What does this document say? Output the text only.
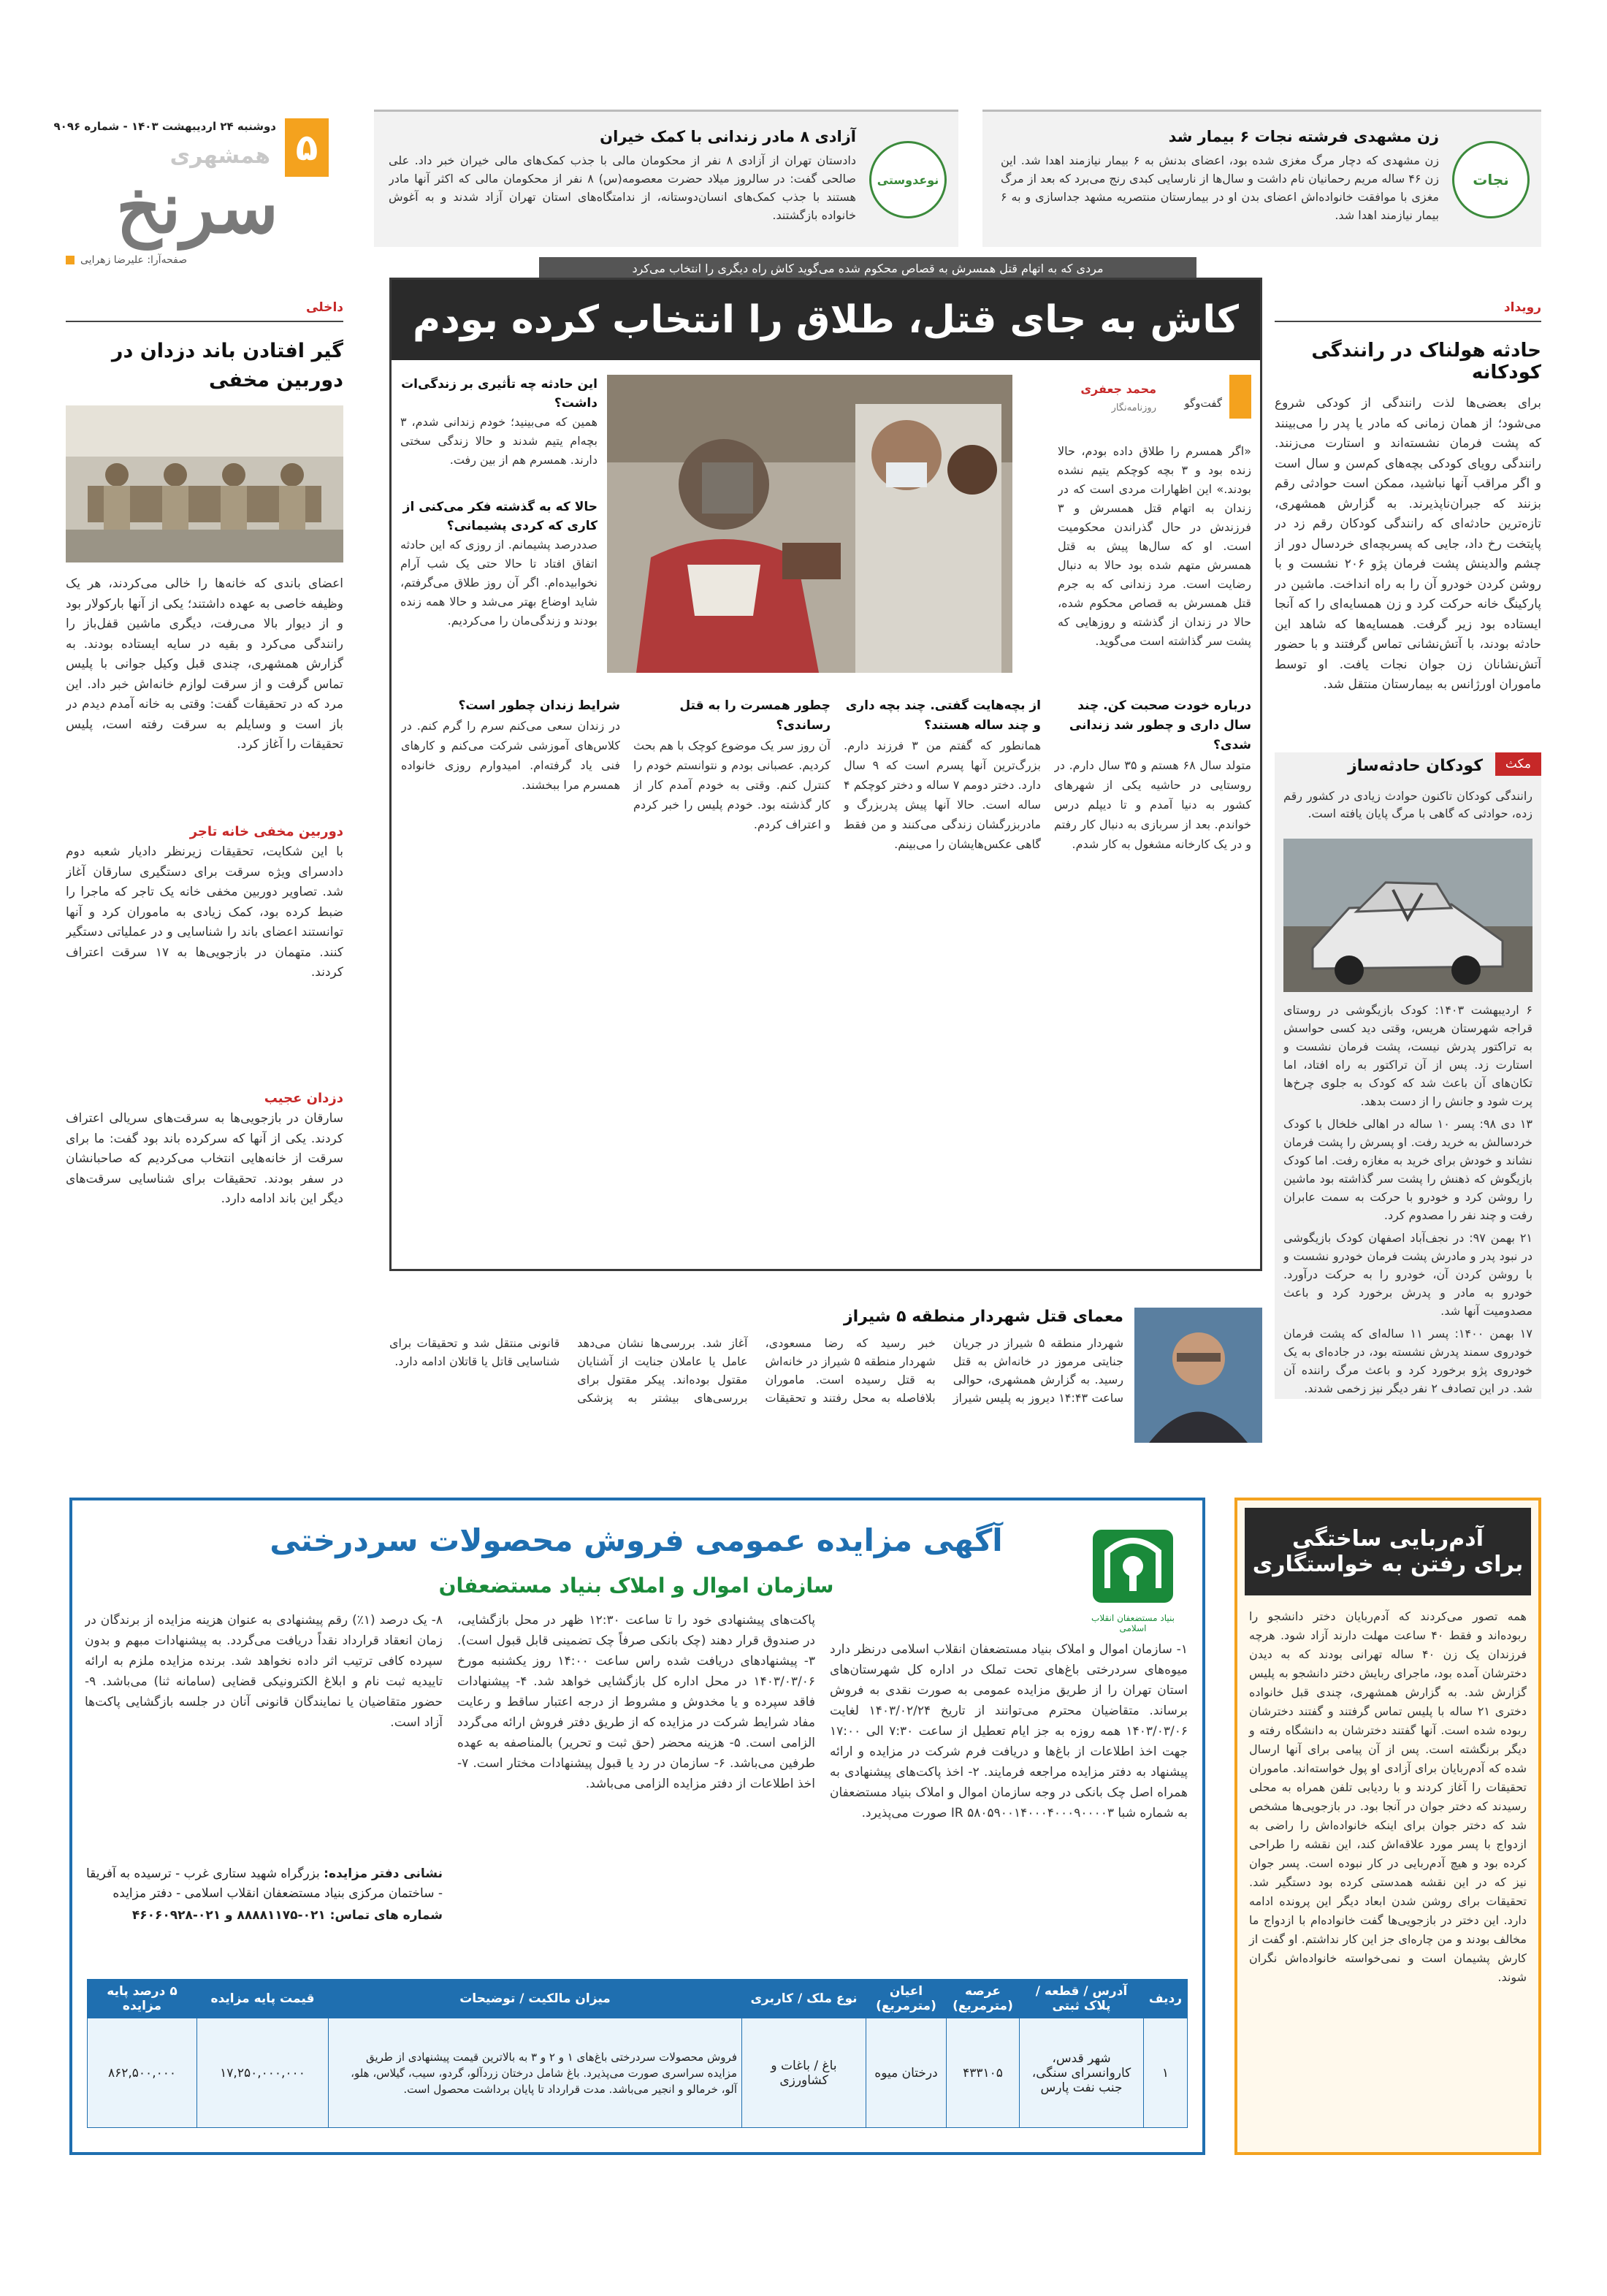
۵
دوشنبه ۲۴ اردیبهشت ۱۴۰۳ - شماره ۹۰۹۶
همشهری
سرنخ
صفحه‌آرا: علیرضا زهرایی
نجات
زن مشهدی فرشته نجات ۶ بیمار شد
زن مشهدی که دچار مرگ مغزی شده بود، اعضای بدنش به ۶ بیمار نیازمند اهدا شد. این زن ۴۶ ساله مریم رحمانیان نام داشت و سال‌ها از نارسایی کبدی رنج می‌برد که بعد از مرگ مغزی با موافقت خانواده‌اش اعضای بدن او در بیمارستان منتصریه مشهد جداسازی و به ۶ بیمار نیازمند اهدا شد.
نوعدوستی
آزادی ۸ مادر زندانی با کمک خیران
دادستان تهران از آزادی ۸ نفر از محکومان مالی با جذب کمک‌های مالی خیران خبر داد. علی صالحی گفت: در سالروز میلاد حضرت معصومه(س) ۸ نفر از محکومان مالی که اکثر آنها مادر هستند با جذب کمک‌های انسان‌دوستانه، از ندامتگاه‌های استان تهران آزاد شدند و به آغوش خانواده بازگشتند.
رویداد
حادثه هولناک در رانندگی کودکانه
برای بعضی‌ها لذت رانندگی از کودکی شروع می‌شود؛ از همان زمانی که مادر یا پدر را می‌بینند که پشت فرمان نشسته‌اند و استارت می‌زنند. رانندگی رویای کودکی بچه‌های کم‌سن و سال است و اگر مراقب آنها نباشید، ممکن است حوادثی رقم بزنند که جبران‌ناپذیرند. به گزارش همشهری، تازه‌ترین حادثه‌ای که رانندگی کودکان رقم زد در پایتخت رخ داد، جایی که پسربچه‌ای خردسال دور از چشم والدینش پشت فرمان پژو ۲۰۶ نشست و با روشن کردن خودرو آن را به راه انداخت. ماشین در پارکینگ خانه حرکت کرد و زن همسایه‌ای را که آنجا ایستاده بود زیر گرفت. همسایه‌ها که شاهد این حادثه بودند، با آتش‌نشانی تماس گرفتند و با حضور آتش‌نشانان زن جوان نجات یافت. او توسط ماموران اورژانس به بیمارستان منتقل شد.
مکث
کودکان حادثه‌ساز
رانندگی کودکان تاکنون حوادث زیادی در کشور رقم زده، حوادثی که گاهی با مرگ پایان یافته است.

۶ اردیبهشت ۱۴۰۳: کودک بازیگوشی در روستای قراجه شهرستان هریس، وقتی دید کسی حواسش به تراکتور پدرش نیست، پشت فرمان نشست و استارت زد. پس از آن تراکتور به راه افتاد، اما تکان‌های آن باعث شد که کودک به جلوی چرخ‌ها پرت شود و جانش را از دست بدهد.

۱۳ دی ۹۸: پسر ۱۰ ساله در اهالی خلخال با کودک خردسالش به خرید رفت. او پسرش را پشت فرمان نشاند و خودش برای خرید به مغازه رفت. اما کودک بازیگوش که ذهنش را پشت سر گذاشته بود ماشین را روشن کرد و خودرو با حرکت به سمت عابران رفت و چند نفر را مصدوم کرد.

۲۱ بهمن ۹۷: در نجف‌آباد اصفهان کودک بازیگوشی در نبود پدر و مادرش پشت فرمان خودرو نشست و با روشن کردن آن، خودرو را به حرکت درآورد. خودرو به مادر و پدرش برخورد کرد و باعث مصدومیت آنها شد.

۱۷ بهمن ۱۴۰۰: پسر ۱۱ ساله‌ای که پشت فرمان خودروی سمند پدرش نشسته بود، در جاده‌ای به یک خودروی پژو برخورد کرد و باعث مرگ راننده آن شد. در این تصادف ۲ نفر دیگر نیز زخمی شدند.

داخلی
گیر افتادن باند دزدان در دوربین مخفی
اعضای باندی که خانه‌ها را خالی می‌کردند، هر یک وظیفه خاصی به عهده داشتند؛ یکی از آنها بارکولار بود و از دیوار بالا می‌رفت، دیگری ماشین قفل‌باز را رانندگی می‌کرد و بقیه در سایه ایستاده بودند. به گزارش همشهری، چندی قبل وکیل جوانی با پلیس تماس گرفت و از سرقت لوازم خانه‌اش خبر داد. این مرد که در تحقیقات گفت: وقتی به خانه آمدم دیدم در باز است و وسایلم به سرقت رفته است، پلیس تحقیقات را آغاز کرد.
دوربین مخفی خانه تاجر
با این شکایت، تحقیقات زیرنظر دادیار شعبه دوم دادسرای ویژه سرقت برای دستگیری سارقان آغاز شد. تصاویر دوربین مخفی خانه یک تاجر که ماجرا را ضبط کرده بود، کمک زیادی به ماموران کرد و آنها توانستند اعضای باند را شناسایی و در عملیاتی دستگیر کنند. متهمان در بازجویی‌ها به ۱۷ سرقت اعتراف کردند.
دزدان عجیب
سارقان در بازجویی‌ها به سرقت‌های سریالی اعتراف کردند. یکی از آنها که سرکرده باند بود گفت: ما برای سرقت از خانه‌هایی انتخاب می‌کردیم که صاحبانشان در سفر بودند. تحقیقات برای شناسایی سرقت‌های دیگر این باند ادامه دارد.
مردی که به اتهام قتل همسرش به قصاص محکوم شده می‌گوید کاش راه دیگری را انتخاب می‌کرد
کاش به جای قتل، طلاق را انتخاب کرده بودم
گفت‌وگو
محمد جعفری
روزنامه‌نگار
«اگر همسرم را طلاق داده بودم، حالا زنده بود و ۳ بچه کوچکم یتیم نشده بودند.» این اظهارات مردی است که در زندان به اتهام قتل همسرش و ۳ فرزندش در حال گذراندن محکومیت است. او که سال‌ها پیش به قتل همسرش متهم شده بود حالا به دنبال رضایت است. مرد زندانی که به جرم قتل همسرش به قصاص محکوم شده، حالا در زندان از گذشته و روزهایی که پشت سر گذاشته است می‌گوید.
این حادثه چه تأثیری بر زندگی‌ات داشت؟
همین که می‌بینید؛ خودم زندانی شدم، ۳ بچه‌ام یتیم شدند و حالا زندگی سختی دارند. همسرم هم از بین رفت.
حالا که به گذشته فکر می‌کنی از کاری که کردی پشیمانی؟
صددرصد پشیمانم. از روزی که این حادثه اتفاق افتاد تا حالا حتی یک شب آرام نخوابیده‌ام. اگر آن روز طلاق می‌گرفتم، شاید اوضاع بهتر می‌شد و حالا همه زنده بودند و زندگی‌مان را می‌کردیم.
درباره خودت صحبت کن. چند سال داری و چطور شد زندانی شدی؟
متولد سال ۶۸ هستم و ۳۵ سال دارم. در روستایی در حاشیه یکی از شهرهای کشور به دنیا آمدم و تا دیپلم درس خواندم. بعد از سربازی به دنبال کار رفتم و در یک کارخانه مشغول به کار شدم.
از بچه‌هایت گفتی. چند بچه داری و چند ساله هستند؟
همانطور که گفتم من ۳ فرزند دارم. بزرگ‌ترین آنها پسرم است که ۹ سال دارد. دختر دومم ۷ ساله و دختر کوچکم ۴ ساله است. حالا آنها پیش پدربزرگ و مادربزرگشان زندگی می‌کنند و من فقط گاهی عکس‌هایشان را می‌بینم.
چطور همسرت را به قتل رساندی؟
آن روز سر یک موضوع کوچک با هم بحث کردیم. عصبانی بودم و نتوانستم خودم را کنترل کنم. وقتی به خودم آمدم کار از کار گذشته بود. خودم پلیس را خبر کردم و اعتراف کردم.
شرایط زندان چطور است؟
در زندان سعی می‌کنم سرم را گرم کنم. در کلاس‌های آموزشی شرکت می‌کنم و کارهای فنی یاد گرفته‌ام. امیدوارم روزی خانواده همسرم مرا ببخشند.
معمای قتل شهردار منطقه ۵ شیراز
شهردار منطقه ۵ شیراز در جریان جنایتی مرموز در خانه‌اش به قتل رسید. به گزارش همشهری، حوالی ساعت ۱۴:۴۳ دیروز به پلیس شیراز خبر رسید که رضا مسعودی، شهردار منطقه ۵ شیراز در خانه‌اش به قتل رسیده است. ماموران بلافاصله به محل رفتند و تحقیقات آغاز شد. بررسی‌ها نشان می‌دهد عامل یا عاملان جنایت از آشنایان مقتول بوده‌اند. پیکر مقتول برای بررسی‌های بیشتر به پزشکی قانونی منتقل شد و تحقیقات برای شناسایی قاتل یا قاتلان ادامه دارد.
آدم‌ربایی ساختگی
برای رفتن به خواستگاری
همه تصور می‌کردند که آدم‌ربایان دختر دانشجو را ربوده‌اند و فقط ۴۰ ساعت مهلت دارند آزاد شود. هرچه فرزندان یک زن ۴۰ ساله تهرانی بودند که به دیدن دخترشان آمده بود، ماجرای ربایش دختر دانشجو به پلیس گزارش شد. به گزارش همشهری، چندی قبل خانواده دختری ۲۱ ساله با پلیس تماس گرفتند و گفتند دخترشان ربوده شده است. آنها گفتند دخترشان به دانشگاه رفته و دیگر برنگشته است. پس از آن پیامی برای آنها ارسال شده که آدم‌ربایان برای آزادی او پول خواسته‌اند. ماموران تحقیقات را آغاز کردند و با ردیابی تلفن همراه به محلی رسیدند که دختر جوان در آنجا بود. در بازجویی‌ها مشخص شد که دختر جوان برای اینکه خانواده‌اش را راضی به ازدواج با پسر مورد علاقه‌اش کند، این نقشه را طراحی کرده بود و هیچ آدم‌ربایی در کار نبوده است. پسر جوان نیز که در این نقشه همدستی کرده بود دستگیر شد. تحقیقات برای روشن شدن ابعاد دیگر این پرونده ادامه دارد. این دختر در بازجویی‌ها گفت خانواده‌ام با ازدواج ما مخالف بودند و من چاره‌ای جز این کار نداشتم. او گفت از کارش پشیمان است و نمی‌خواسته خانواده‌اش نگران شوند.
بنیاد مستضعفان انقلاب اسلامی
آگهی مزایده عمومی فروش محصولات سردرختی
سازمان اموال و املاک بنیاد مستضعفان
۱- سازمان اموال و املاک بنیاد مستضعفان انقلاب اسلامی درنظر دارد میوه‌های سردرختی باغ‌های تحت تملک در اداره کل شهرستان‌های استان تهران را از طریق مزایده عمومی به صورت نقدی به فروش برساند. متقاضیان محترم می‌توانند از تاریخ ۱۴۰۳/۰۲/۲۴ لغایت ۱۴۰۳/۰۳/۰۶ همه روزه به جز ایام تعطیل از ساعت ۷:۳۰ الی ۱۷:۰۰ جهت اخذ اطلاعات از باغ‌ها و دریافت فرم شرکت در مزایده و ارائه پیشنهاد به دفتر مزایده مراجعه فرمایند. ۲- اخذ پاکت‌های پیشنهادی به همراه اصل چک بانکی در وجه سازمان اموال و املاک بنیاد مستضعفان به شماره شبا IR ۵۸۰۵۹۰۰۱۴۰۰۰۴۰۰۰۹۰۰۰۰۳ صورت می‌پذیرد.
پاکت‌های پیشنهادی خود را تا ساعت ۱۲:۳۰ ظهر در محل بازگشایی، در صندوق قرار دهند (چک بانکی صرفاً چک تضمینی قابل قبول است). ۳- پیشنهادهای دریافت شده راس ساعت ۱۴:۰۰ روز یکشنبه مورخ ۱۴۰۳/۰۳/۰۶ در محل اداره کل بازگشایی خواهد شد. ۴- پیشنهادات فاقد سپرده و یا مخدوش و مشروط از درجه اعتبار ساقط و رعایت مفاد شرایط شرکت در مزایده که از طریق دفتر فروش ارائه می‌گردد الزامی است. ۵- هزینه محضر (حق ثبت و تحریر) بالمناصفه به عهده طرفین می‌باشد. ۶- سازمان در رد یا قبول پیشنهادات مختار است. ۷- اخذ اطلاعات از دفتر مزایده الزامی می‌باشد.
۸- یک درصد (۱٪) رقم پیشنهادی به عنوان هزینه مزایده از برندگان در زمان انعقاد قرارداد نقداً دریافت می‌گردد. به پیشنهادات مبهم و بدون سپرده کافی ترتیب اثر داده نخواهد شد. برنده مزایده ملزم به ارائه تاییدیه ثبت نام و ابلاغ الکترونیکی قضایی (سامانه ثنا) می‌باشد. ۹- حضور متقاضیان یا نمایندگان قانونی آنان در جلسه بازگشایی پاکت‌ها آزاد است.
نشانی دفتر مزایده: بزرگراه شهید ستاری غرب - ترسیده به آفریقا - ساختمان مرکزی بنیاد مستضعفان انقلاب اسلامی - دفتر مزایده
شماره های تماس: ۰۲۱-۸۸۸۸۱۱۷۵ و ۰۲۱-۴۶۰۶۰۹۲۸
ردیف	آدرس / قطعه / پلاک ثبتی	عرصه (مترمربع)	اعیان (مترمربع)	نوع ملک / کاربری	میزان مالکیت / توضیحات	قیمت پایه مزایده	۵ درصد پایه مزایده
۱	شهر قدس، کاروانسرای سنگی، جنب نفت پارس	۴۳۳۱۰۵	درختان میوه	باغ / باغات و کشاورزی	فروش محصولات سردرختی باغ‌های ۱ و ۲ و ۳ به بالاترین قیمت پیشنهادی از طریق مزایده سراسری صورت می‌پذیرد. باغ شامل درختان زردآلو، گردو، سیب، گیلاس، هلو، آلو، خرمالو و انجیر می‌باشد. مدت قرارداد تا پایان برداشت محصول است.	۱۷,۲۵۰,۰۰۰,۰۰۰	۸۶۲,۵۰۰,۰۰۰
